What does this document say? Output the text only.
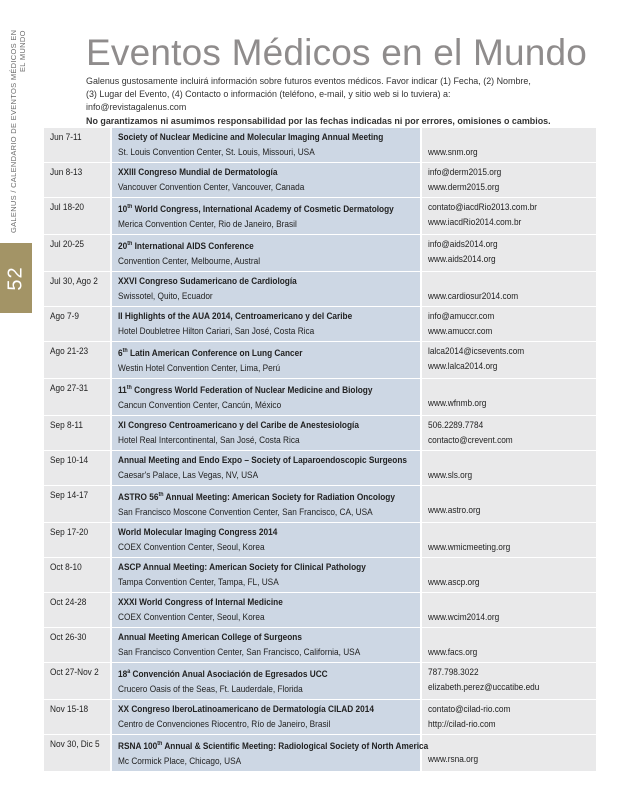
GALENUS / CALENDARIO DE EVENTOS MÉDICOS EN EL MUNDO
52
Eventos Médicos en el Mundo
Galenus gustosamente incluirá información sobre futuros eventos médicos. Favor indicar (1) Fecha, (2) Nombre,
(3) Lugar del Evento, (4) Contacto o información (teléfono, e-mail, y sitio web si lo tuviera) a: info@revistagalenus.com
No garantizamos ni asumimos responsabilidad por las fechas indicadas ni por errores, omisiones o cambios.
Jun 7-11	Society of Nuclear Medicine and Molecular Imaging Annual Meeting
St. Louis Convention Center, St. Louis, Missouri, USA	www.snm.org

Jun 8-13	XXIII Congreso Mundial de Dermatología
Vancouver Convention Center, Vancouver, Canada	info@derm2015.org
www.derm2015.org

Jul 18-20	10th World Congress, International Academy of Cosmetic Dermatology
Merica Convention Center, Rio de Janeiro, Brasil	contato@iacdRio2013.com.br
www.iacdRio2014.com.br

Jul 20-25	20th International AIDS Conference
Convention Center, Melbourne, Austral	info@aids2014.org
www.aids2014.org

Jul 30, Ago 2	XXVI Congreso Sudamericano de Cardiología
Swissotel, Quito, Ecuador	www.cardiosur2014.com

Ago 7-9	II Highlights of the AUA 2014, Centroamericano y del Caribe
Hotel Doubletree Hilton Cariari, San José, Costa Rica	info@amuccr.com
www.amuccr.com

Ago 21-23	6th Latin American Conference on Lung Cancer
Westin Hotel Convention Center, Lima, Perú	lalca2014@icsevents.com
www.lalca2014.org

Ago 27-31	11th Congress World Federation of Nuclear Medicine and Biology
Cancun Convention Center, Cancún, México	www.wfnmb.org

Sep 8-11	XI Congreso Centroamericano y del Caribe de Anestesiología
Hotel Real Intercontinental, San José, Costa Rica	506.2289.7784
contacto@crevent.com

Sep 10-14	Annual Meeting and Endo Expo – Society of Laparoendoscopic Surgeons
Caesar's Palace, Las Vegas, NV, USA	www.sls.org

Sep 14-17	ASTRO 56th Annual Meeting: American Society for Radiation Oncology
San Francisco Moscone Convention Center, San Francisco, CA, USA	www.astro.org

Sep 17-20	World Molecular Imaging Congress 2014
COEX Convention Center, Seoul, Korea	www.wmicmeeting.org

Oct 8-10	ASCP Annual Meeting: American Society for Clinical Pathology
Tampa Convention Center, Tampa, FL, USA	www.ascp.org

Oct 24-28	XXXI World Congress of Internal Medicine
COEX Convention Center, Seoul, Korea	www.wcim2014.org

Oct 26-30	Annual Meeting American College of Surgeons
San Francisco Convention Center, San Francisco, California, USA	www.facs.org

Oct 27-Nov 2	18$^a$ Convención Anual Asociación de Egresados UCC
Crucero Oasis of the Seas, Ft. Lauderdale, Florida	787.798.3022
elizabeth.perez@uccatibe.edu

Nov 15-18	XX Congreso IberoLatinoamericano de Dermatología CILAD 2014
Centro de Convenciones Riocentro, Río de Janeiro, Brasil	contato@cilad-rio.com
http://cilad-rio.com

Nov 30, Dic 5	RSNA 100th Annual & Scientific Meeting: Radiological Society of North America
Mc Cormick Place, Chicago, USA	www.rsna.org
